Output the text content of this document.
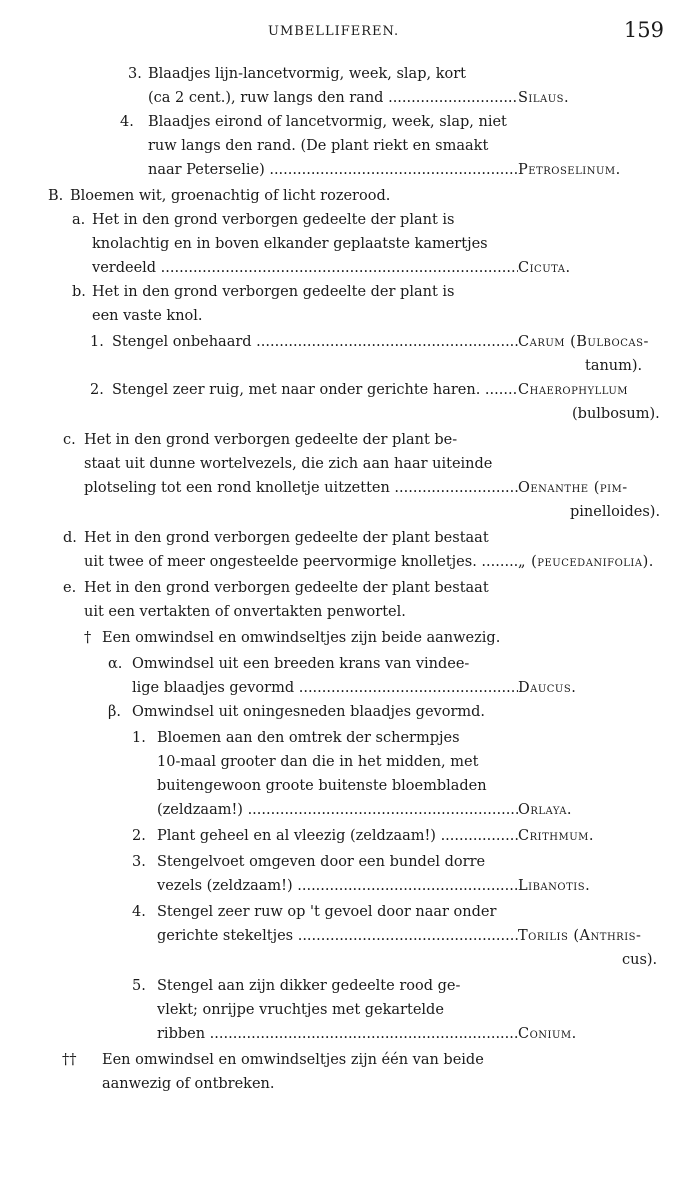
UMBELLIFEREN.	159
3. Blaadjes lijn-lancetvormig, week, slap, kort
(ca 2 cent.), ruw langs den rand .....	Silaus.
4. Blaadjes eirond of lancetvormig, week, slap, niet
ruw langs den rand. (De plant riekt en smaakt
naar Peterselie) .....	Petroselinum.
B. Bloemen wit, groenachtig of licht rozerood.
a. Het in den grond verborgen gedeelte der plant is
knolachtig en in boven elkander geplaatste kamertjes
verdeeld .....	Cicuta.
b. Het in den grond verborgen gedeelte der plant is
een vaste knol.
1. Stengel onbehaard .....	Carum (Bulbocas-
tanum).
2. Stengel zeer ruig, met naar onder gerichte haren. .....	Chaerophyllum
(bulbosum).
c. Het in den grond verborgen gedeelte der plant be-
staat uit dunne wortelvezels, die zich aan haar uiteinde
plotseling tot een rond knolletje uitzetten .....	Oenanthe (pim-
pinelloides).
d. Het in den grond verborgen gedeelte der plant bestaat
uit twee of meer ongesteelde peervormige knolletjes. .....	„ (peucedanifolia).
e. Het in den grond verborgen gedeelte der plant bestaat
uit een vertakten of onvertakten penwortel.
† Een omwindsel en omwindseltjes zijn beide aanwezig.
α. Omwindsel uit een breeden krans van vindee-
lige blaadjes gevormd .....	Daucus.
β. Omwindsel uit oningesneden blaadjes gevormd.
1. Bloemen aan den omtrek der schermpjes
10-maal grooter dan die in het midden, met
buitengewoon groote buitenste bloembladen
(zeldzaam!) .....	Orlaya.
2. Plant geheel en al vleezig (zeldzaam!) .....	Crithmum.
3. Stengelvoet omgeven door een bundel dorre
vezels (zeldzaam!) .....	Libanotis.
4. Stengel zeer ruw op 't gevoel door naar onder
gerichte stekeltjes .....	Torilis (Anthris-
cus).
5. Stengel aan zijn dikker gedeelte rood ge-
vlekt; onrijpe vruchtjes met gekartelde
ribben .....	Conium.
†† Een omwindsel en omwindseltjes zijn één van beide
aanwezig of ontbreken.
